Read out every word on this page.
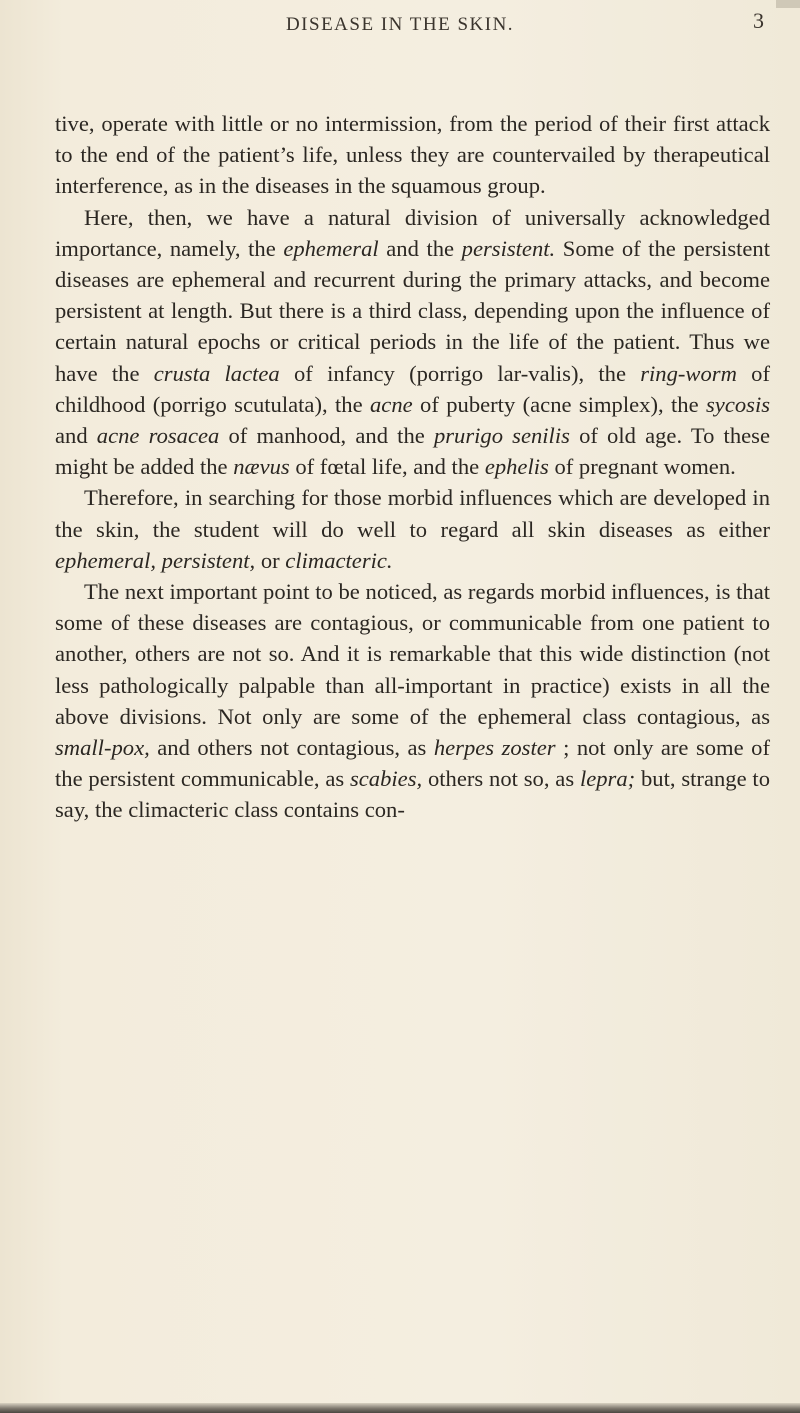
DISEASE IN THE SKIN.	3

tive, operate with little or no intermission, from the period of their first attack to the end of the patient’s life, unless they are countervailed by therapeutical interference, as in the diseases in the squamous group.

Here, then, we have a natural division of universally acknowledged importance, namely, the ephemeral and the persistent. Some of the persistent diseases are ephemeral and recurrent during the primary attacks, and become persistent at length. But there is a third class, depending upon the influence of certain natural epochs or critical periods in the life of the patient. Thus we have the crusta lactea of infancy (porrigo lar-valis), the ring-worm of childhood (porrigo scutulata), the acne of puberty (acne simplex), the sycosis and acne rosacea of manhood, and the prurigo senilis of old age. To these might be added the nævus of fœtal life, and the ephelis of pregnant women.

Therefore, in searching for those morbid influences which are developed in the skin, the student will do well to regard all skin diseases as either ephemeral, persistent, or climacteric.

The next important point to be noticed, as regards morbid influences, is that some of these diseases are contagious, or communicable from one patient to another, others are not so. And it is remarkable that this wide distinction (not less pathologically palpable than all-important in practice) exists in all the above divisions. Not only are some of the ephemeral class contagious, as small-pox, and others not contagious, as herpes zoster ; not only are some of the persistent communicable, as scabies, others not so, as lepra; but, strange to say, the climacteric class contains con-
